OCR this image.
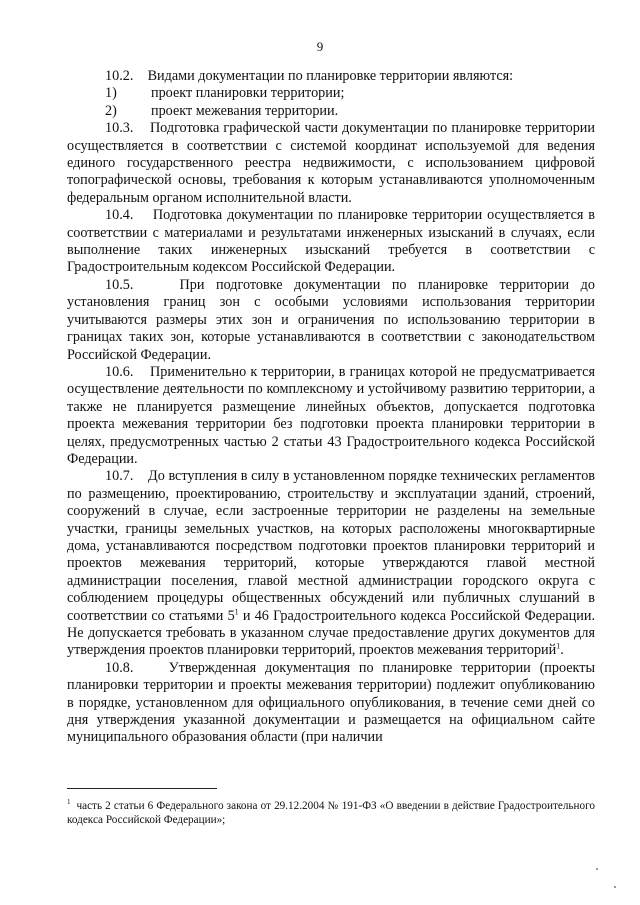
9

10.2.    Видами документации по планировке территории являются:

1) проект планировки территории;

2) проект межевания территории.

10.3.    Подготовка графической части документации по планировке территории осуществляется в соответствии с системой координат используемой для ведения единого государственного реестра недвижимости, с использованием цифровой топографической основы, требования к которым устанавливаются уполномоченным федеральным органом исполнительной власти.

10.4.    Подготовка документации по планировке территории осуществляется в соответствии с материалами и результатами инженерных изысканий в случаях, если выполнение таких инженерных изысканий требуется в соответствии с Градостроительным кодексом Российской Федерации.

10.5.    При подготовке документации по планировке территории до установления границ зон с особыми условиями использования территории учитываются размеры этих зон и ограничения по использованию территории в границах таких зон, которые устанавливаются в соответствии с законодательством Российской Федерации.

10.6.    Применительно к территории, в границах которой не предусматривается осуществление деятельности по комплексному и устойчивому развитию территории, а также не планируется размещение линейных объектов, допускается подготовка проекта межевания территории без подготовки проекта планировки территории в целях, предусмотренных частью 2 статьи 43 Градостроительного кодекса Российской Федерации.

10.7.    До вступления в силу в установленном порядке технических регламентов по размещению, проектированию, строительству и эксплуатации зданий, строений, сооружений в случае, если застроенные территории не разделены на земельные участки, границы земельных участков, на которых расположены многоквартирные дома, устанавливаются посредством подготовки проектов планировки территорий и проектов межевания территорий, которые утверждаются главой местной администрации поселения, главой местной администрации городского округа с соблюдением процедуры общественных обсуждений или публичных слушаний в соответствии со статьями $5^1$ и 46 Градостроительного кодекса Российской Федерации. Не допускается требовать в указанном случае предоставление других документов для утверждения проектов планировки территорий, проектов межевания территорий$^1$.

10.8.    Утвержденная документация по планировке территории (проекты планировки территории и проекты межевания территории) подлежит опубликованию в порядке, установленном для официального опубликования, в течение семи дней со дня утверждения указанной документации и размещается на официальном сайте муниципального образования области (при наличии

$^1$ часть 2 статьи 6 Федерального закона от 29.12.2004 № 191-ФЗ «О введении в действие Градостроительного кодекса Российской Федерации»;
